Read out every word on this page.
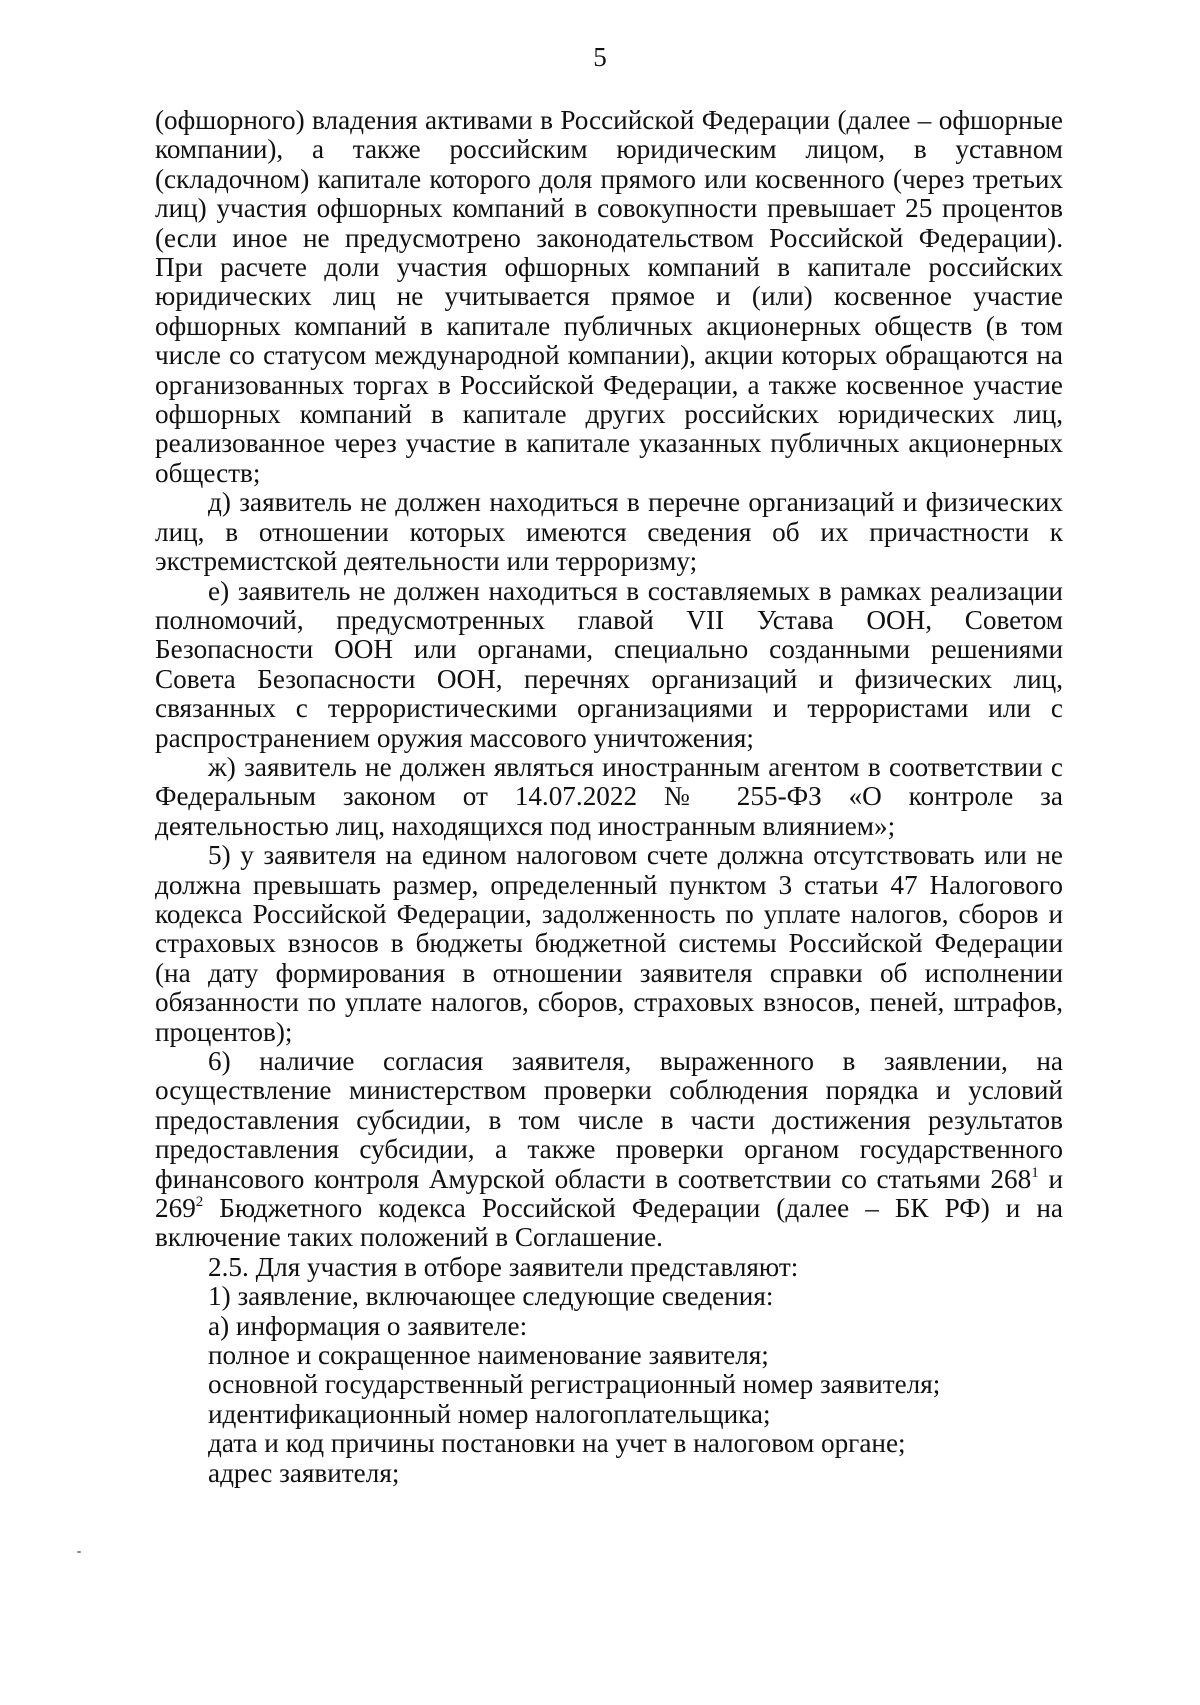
5

(офшорного) владения активами в Российской Федерации (далее – офшорные компании), а также российским юридическим лицом, в уставном (складочном) капитале которого доля прямого или косвенного (через третьих лиц) участия офшорных компаний в совокупности превышает 25 процентов (если иное не предусмотрено законодательством Российской Федерации). При расчете доли участия офшорных компаний в капитале российских юридических лиц не учитывается прямое и (или) косвенное участие офшорных компаний в капитале публичных акционерных обществ (в том числе со статусом международной компании), акции которых обращаются на организованных торгах в Российской Федерации, а также косвенное участие офшорных компаний в капитале других российских юридических лиц, реализованное через участие в капитале указанных публичных акционерных обществ;

д) заявитель не должен находиться в перечне организаций и физических лиц, в отношении которых имеются сведения об их причастности к экстремистской деятельности или терроризму;

е) заявитель не должен находиться в составляемых в рамках реализации полномочий, предусмотренных главой VII Устава ООН, Советом Безопасности ООН или органами, специально созданными решениями Совета Безопасности ООН, перечнях организаций и физических лиц, связанных с террористическими организациями и террористами или с распространением оружия массового уничтожения;

ж) заявитель не должен являться иностранным агентом в соответствии с Федеральным законом от 14.07.2022 № 255-ФЗ «О контроле за деятельностью лиц, находящихся под иностранным влиянием»;

5) у заявителя на едином налоговом счете должна отсутствовать или не должна превышать размер, определенный пунктом 3 статьи 47 Налогового кодекса Российской Федерации, задолженность по уплате налогов, сборов и страховых взносов в бюджеты бюджетной системы Российской Федерации (на дату формирования в отношении заявителя справки об исполнении обязанности по уплате налогов, сборов, страховых взносов, пеней, штрафов, процентов);

6) наличие согласия заявителя, выраженного в заявлении, на осуществление министерством проверки соблюдения порядка и условий предоставления субсидии, в том числе в части достижения результатов предоставления субсидии, а также проверки органом государственного финансового контроля Амурской области в соответствии со статьями $268^1$ и $269^2$ Бюджетного кодекса Российской Федерации (далее – БК РФ) и на включение таких положений в Соглашение.

2.5. Для участия в отборе заявители представляют:

1) заявление, включающее следующие сведения:

а) информация о заявителе:

полное и сокращенное наименование заявителя;

основной государственный регистрационный номер заявителя;

идентификационный номер налогоплательщика;

дата и код причины постановки на учет в налоговом органе;

адрес заявителя;
